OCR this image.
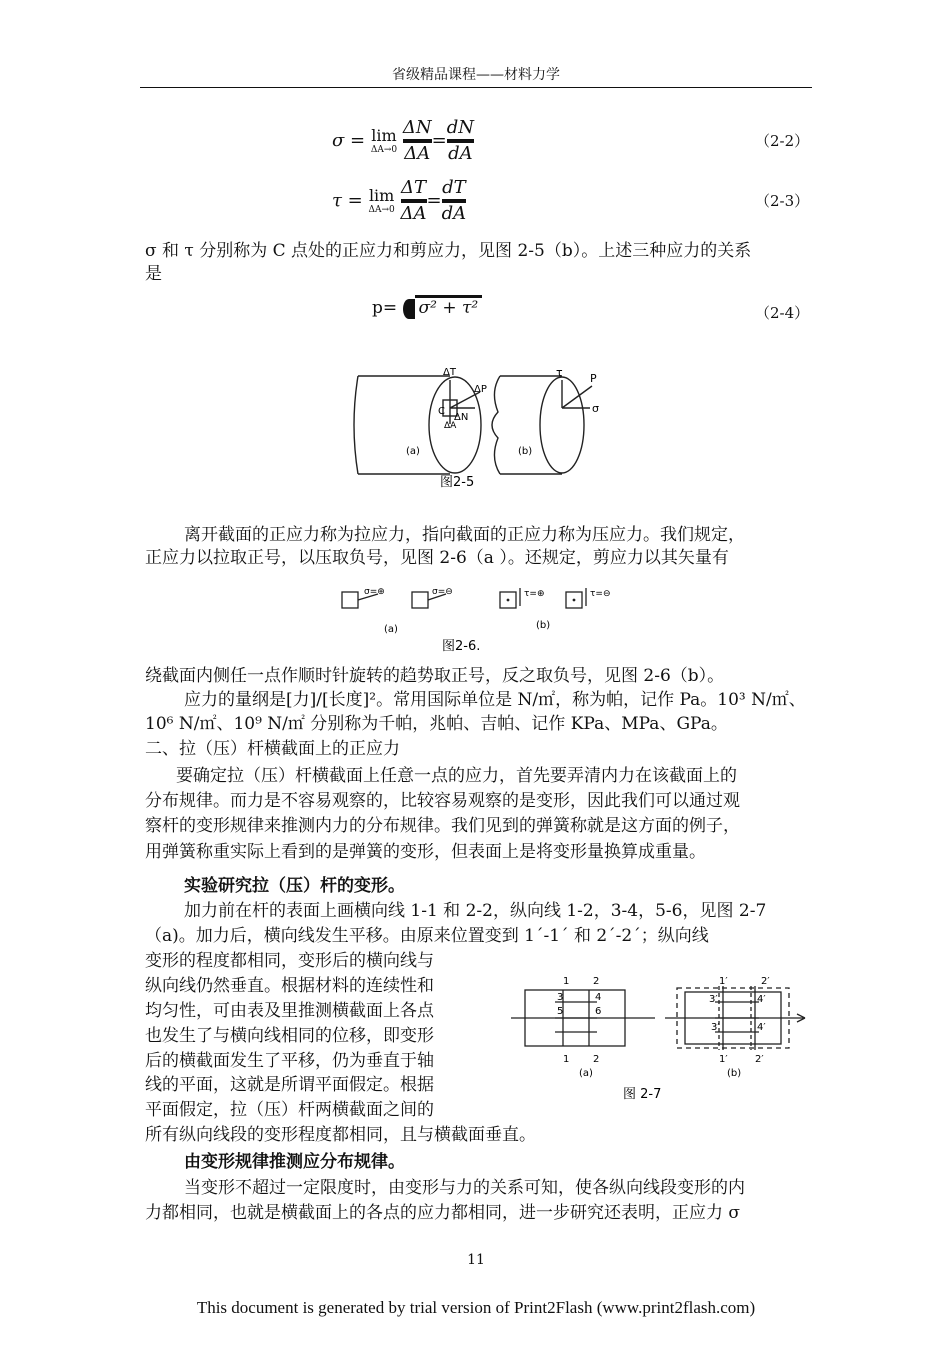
省级精品课程——材料力学
σ = lim
ΔA→0
$\frac{\Delta N}{\Delta A} = \frac{dN}{dA}$	（2-2）
τ = lim
ΔA→0
$\frac{\Delta T}{\Delta A} = \frac{dT}{dA}$	（2-3）
σ 和 τ 分别称为 C 点处的正应力和剪应力，见图 2-5（b）。上述三种应力的关系
是
p= σ² + τ²	（2-4）
ΔT
ΔP
C
ΔA
ΔN
τ P
σ
(a)	(b)
图2-5
离开截面的正应力称为拉应力，指向截面的正应力称为压应力。我们规定，
正应力以拉取正号，以压取负号，见图 2-6（a ）。还规定，剪应力以其矢量有
σ=⊕	σ=⊖	τ=⊕	τ=⊖
(a)	(b)
图2-6.
绕截面内侧任一点作顺时针旋转的趋势取正号，反之取负号，见图 2-6（b）。
应力的量纲是[力]/[长度]²。常用国际单位是 N/㎡，称为帕，记作 Pa。10³ N/㎡、
10⁶ N/㎡、10⁹ N/㎡ 分别称为千帕，兆帕、吉帕、记作 KPa、MPa、GPa。
二、拉（压）杆横截面上的正应力
要确定拉（压）杆横截面上任意一点的应力，首先要弄清内力在该截面上的
分布规律。而力是不容易观察的，比较容易观察的是变形，因此我们可以通过观
察杆的变形规律来推测内力的分布规律。我们见到的弹簧称就是这方面的例子，
用弹簧称重实际上看到的是弹簧的变形，但表面上是将变形量换算成重量。
实验研究拉（压）杆的变形。
加力前在杆的表面上画横向线 1-1 和 2-2，纵向线 1-2，3-4，5-6，见图 2-7
（a)。加力后，横向线发生平移。由原来位置变到 1´-1´ 和 2´-2´；纵向线
变形的程度都相同，变形后的横向线与
纵向线仍然垂直。根据材料的连续性和
均匀性，可由表及里推测横截面上各点
也发生了与横向线相同的位移，即变形
后的横截面发生了平移，仍为垂直于轴
线的平面，这就是所谓平面假定。根据
平面假定，拉（压）杆两横截面之间的
所有纵向线段的变形程度都相同，且与横截面垂直。
1 2
3	4
5	6
1 2
1′	2′
3′	4′
3′	4′
1′	2′
(a)	(b)
图 2-7
由变形规律推测应分布规律。
当变形不超过一定限度时，由变形与力的关系可知，使各纵向线段变形的内
力都相同，也就是横截面上的各点的应力都相同，进一步研究还表明，正应力 σ
11
This document is generated by trial version of Print2Flash (www.print2flash.com)
